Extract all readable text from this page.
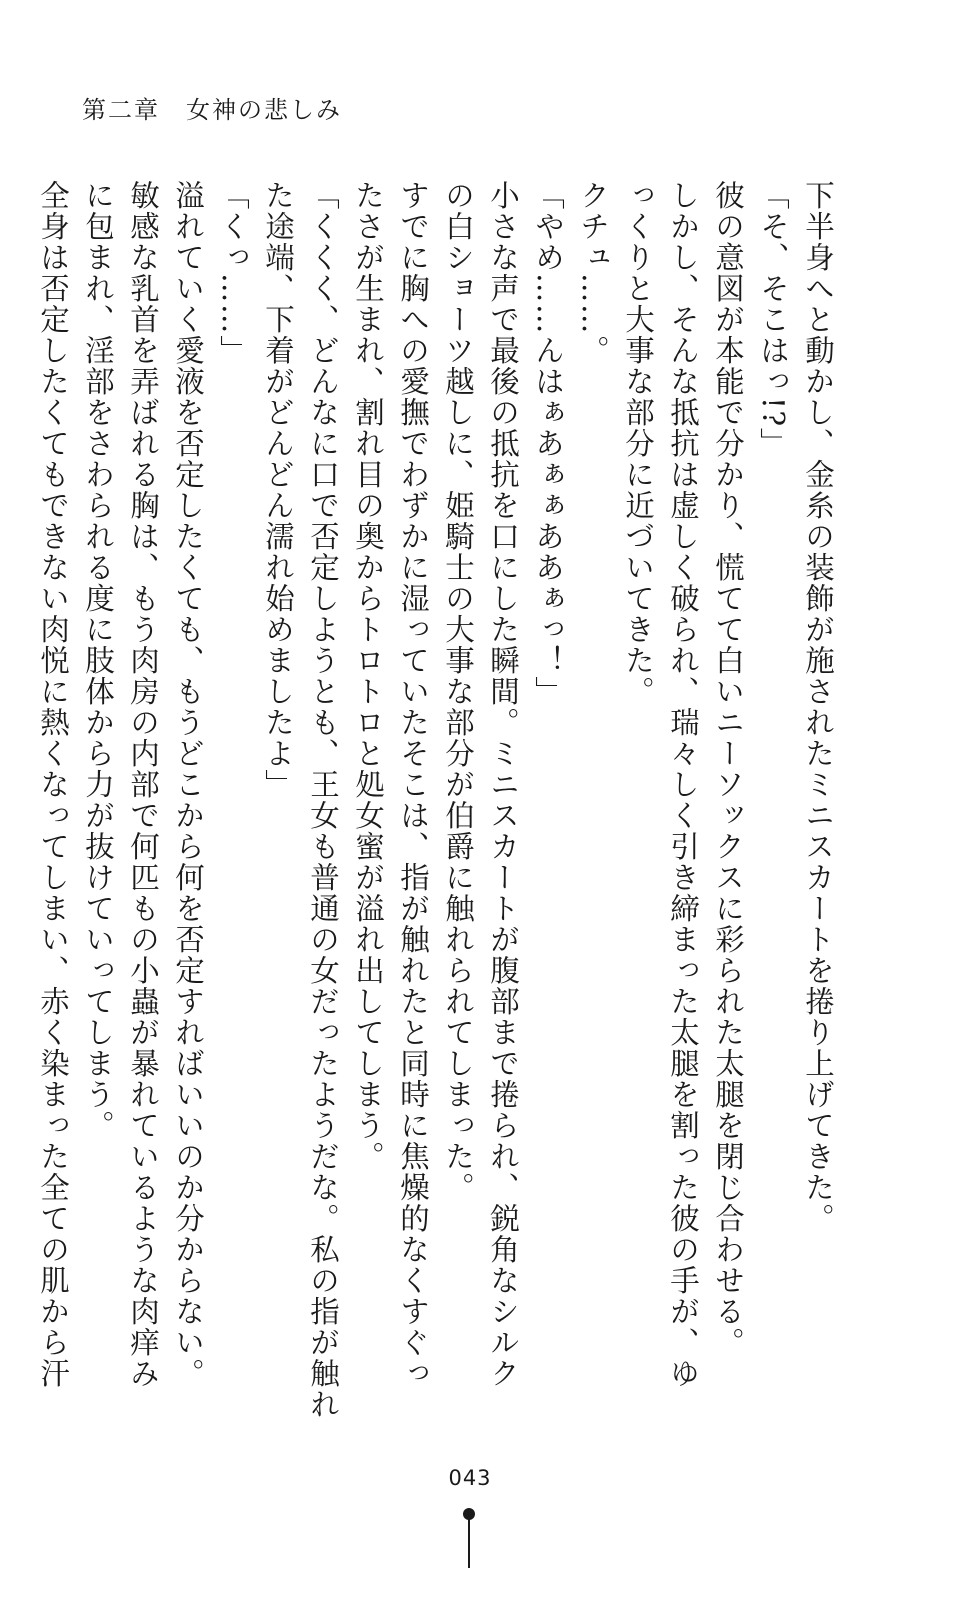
第二章　女神の悲しみ
下半身へと動かし、金糸の装飾が施されたミニスカートを捲り上げてきた。
「そ、そこはっ!?」
彼の意図が本能で分かり、慌てて白いニーソックスに彩られた太腿を閉じ合わせる。
しかし、そんな抵抗は虚しく破られ、瑞々しく引き締まった太腿を割った彼の手が、ゆ
っくりと大事な部分に近づいてきた。
クチュ……。
「やめ……んはぁあぁぁああぁっ！」
小さな声で最後の抵抗を口にした瞬間。ミニスカートが腹部まで捲られ、鋭角なシルク
の白ショーツ越しに、姫騎士の大事な部分が伯爵に触れられてしまった。
すでに胸への愛撫でわずかに湿っていたそこは、指が触れたと同時に焦燥的なくすぐっ
たさが生まれ、割れ目の奥からトロトロと処女蜜が溢れ出してしまう。
「くくく、どんなに口で否定しようとも、王女も普通の女だったようだな。私の指が触れ
た途端、下着がどんどん濡れ始めましたよ」
「くっ……」
溢れていく愛液を否定したくても、もうどこから何を否定すればいいのか分からない。
敏感な乳首を弄ばれる胸は、もう肉房の内部で何匹もの小蟲が暴れているような肉痒み
に包まれ、淫部をさわられる度に肢体から力が抜けていってしまう。
全身は否定したくてもできない肉悦に熱くなってしまい、赤く染まった全ての肌から汗
043
